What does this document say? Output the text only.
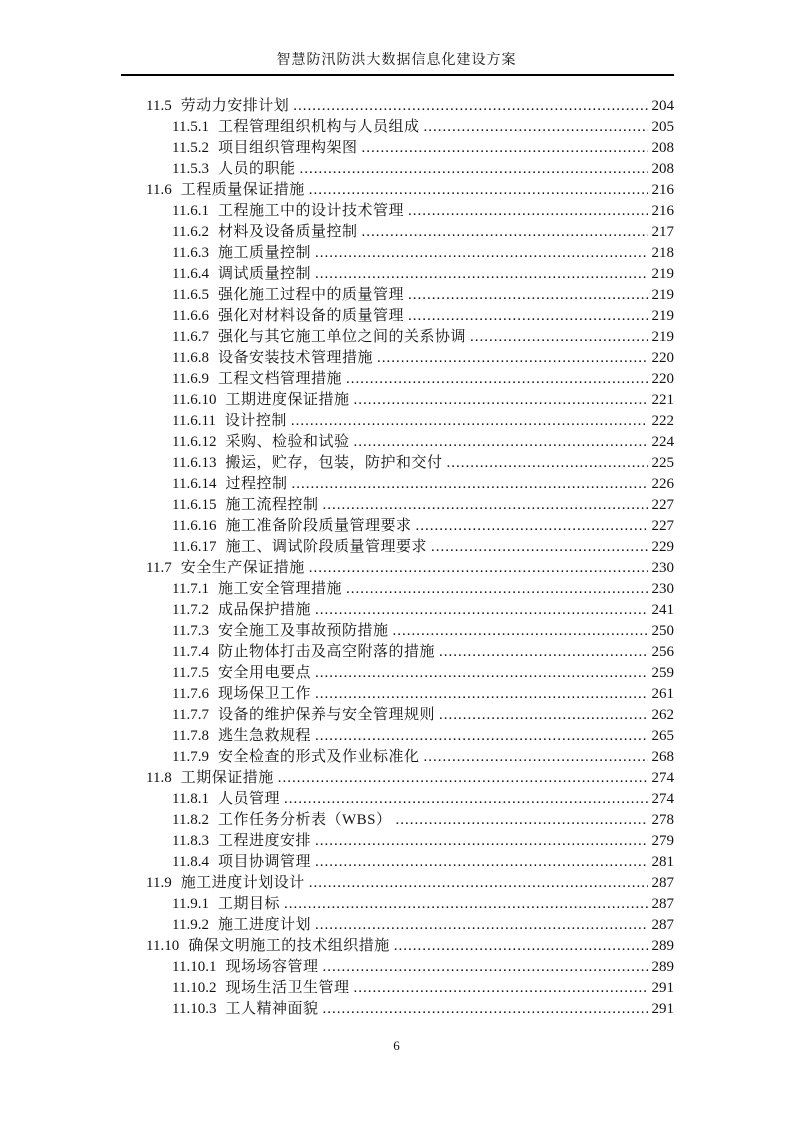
智慧防汛防洪大数据信息化建设方案
11.5 劳动力安排计划 .....	204
11.5.1 工程管理组织机构与人员组成 .....	205
11.5.2 项目组织管理构架图 .....	208
11.5.3 人员的职能 .....	208
11.6 工程质量保证措施 .....	216
11.6.1 工程施工中的设计技术管理 .....	216
11.6.2 材料及设备质量控制 .....	217
11.6.3 施工质量控制 .....	218
11.6.4 调试质量控制 .....	219
11.6.5 强化施工过程中的质量管理 .....	219
11.6.6 强化对材料设备的质量管理 .....	219
11.6.7 强化与其它施工单位之间的关系协调 .....	219
11.6.8 设备安装技术管理措施 .....	220
11.6.9 工程文档管理措施 .....	220
11.6.10 工期进度保证措施 .....	221
11.6.11 设计控制 .....	222
11.6.12 采购、检验和试验 .....	224
11.6.13 搬运，贮存，包装，防护和交付 .....	225
11.6.14 过程控制 .....	226
11.6.15 施工流程控制 .....	227
11.6.16 施工准备阶段质量管理要求 .....	227
11.6.17 施工、调试阶段质量管理要求 .....	229
11.7 安全生产保证措施 .....	230
11.7.1 施工安全管理措施 .....	230
11.7.2 成品保护措施 .....	241
11.7.3 安全施工及事故预防措施 .....	250
11.7.4 防止物体打击及高空附落的措施 .....	256
11.7.5 安全用电要点 .....	259
11.7.6 现场保卫工作 .....	261
11.7.7 设备的维护保养与安全管理规则 .....	262
11.7.8 逃生急救规程 .....	265
11.7.9 安全检查的形式及作业标准化 .....	268
11.8 工期保证措施 .....	274
11.8.1 人员管理 .....	274
11.8.2 工作任务分析表（WBS） .....	278
11.8.3 工程进度安排 .....	279
11.8.4 项目协调管理 .....	281
11.9 施工进度计划设计 .....	287
11.9.1 工期目标 .....	287
11.9.2 施工进度计划 .....	287
11.10 确保文明施工的技术组织措施 .....	289
11.10.1 现场场容管理 .....	289
11.10.2 现场生活卫生管理 .....	291
11.10.3 工人精神面貌 .....	291
6
